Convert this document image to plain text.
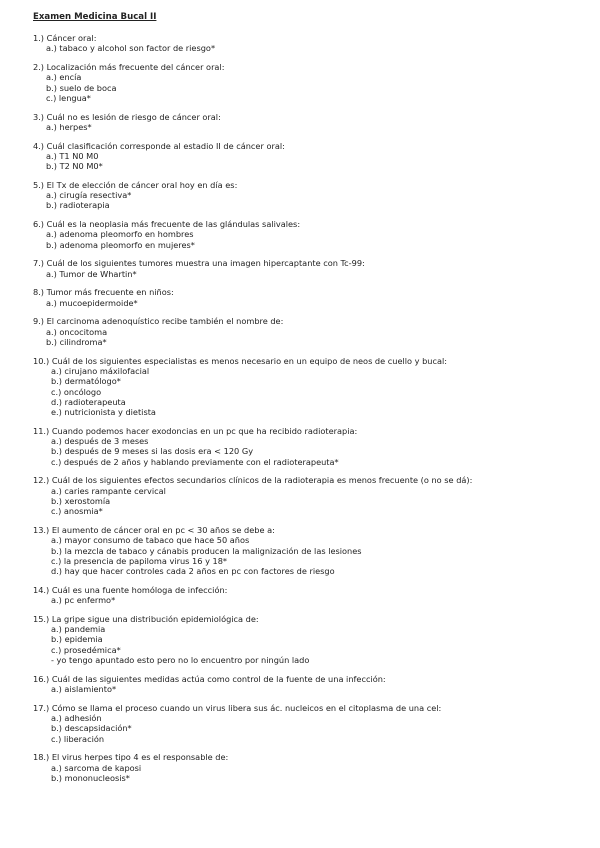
Examen Medicina Bucal II
1.) Cáncer oral:
a.) tabaco y alcohol son factor de riesgo*
2.) Localización más frecuente del cáncer oral:
a.) encía
b.) suelo de boca
c.) lengua*
3.) Cuál no es lesión de riesgo de cáncer oral:
a.) herpes*
4.) Cuál clasificación corresponde al estadio II de cáncer oral:
a.) T1 N0 M0
b.) T2 N0 M0*
5.) El Tx de elección de cáncer oral hoy en día es:
a.) cirugía resectiva*
b.) radioterapia
6.) Cuál es la neoplasia más frecuente de las glándulas salivales:
a.) adenoma pleomorfo en hombres
b.) adenoma pleomorfo en mujeres*
7.) Cuál de los siguientes tumores muestra una imagen hipercaptante con Tc-99:
a.) Tumor de Whartin*
8.) Tumor más frecuente en niños:
a.) mucoepidermoide*
9.) El carcinoma adenoquístico recibe también el nombre de:
a.) oncocitoma
b.) cilindroma*
10.) Cuál de los siguientes especialistas es menos necesario en un equipo de neos de cuello y bucal:
a.) cirujano máxilofacial
b.) dermatólogo*
c.) oncólogo
d.) radioterapeuta
e.) nutricionista y dietista
11.) Cuando podemos hacer exodoncias en un pc que ha recibido radioterapia:
a.) después de 3 meses
b.) después de 9 meses si las dosis era < 120 Gy
c.) después de 2 años y hablando previamente con el radioterapeuta*
12.) Cuál de los siguientes efectos secundarios clínicos de la radioterapia es menos frecuente (o no se dá):
a.) caries rampante cervical
b.) xerostomía
c.) anosmia*
13.) El aumento de cáncer oral en pc < 30 años se debe a:
a.) mayor consumo de tabaco que hace 50 años
b.) la mezcla de tabaco y cánabis producen la malignización de las lesiones
c.) la presencia de papiloma virus 16 y 18*
d.) hay que hacer controles cada 2 años en pc con factores de riesgo
14.) Cuál es una fuente homóloga de infección:
a.) pc enfermo*
15.) La gripe sigue una distribución epidemiológica de:
a.) pandemia
b.) epidemia
c.) prosedémica*
- yo tengo apuntado esto pero no lo encuentro por ningún lado
16.) Cuál de las siguientes medidas actúa como control de la fuente de una infección:
a.) aislamiento*
17.) Cómo se llama el proceso cuando un virus libera sus ác. nucleicos en el citoplasma de una cel:
a.) adhesión
b.) descapsidación*
c.) liberación
18.) El virus herpes tipo 4 es el responsable de:
a.) sarcoma de kaposi
b.) mononucleosis*
